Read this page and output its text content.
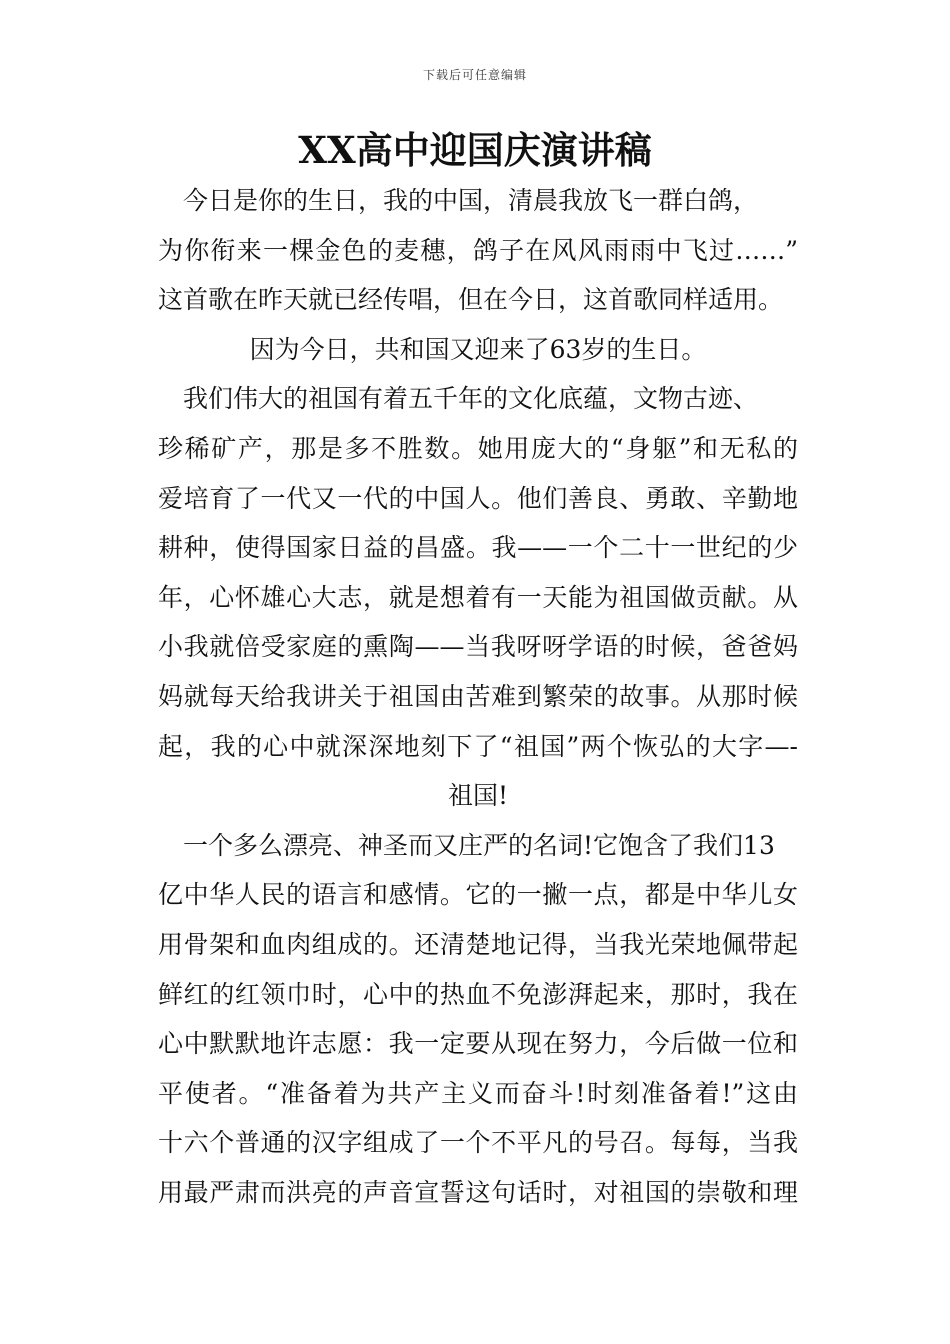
下载后可任意编辑
XX高中迎国庆演讲稿
　今日是你的生日，我的中国，清晨我放飞一群白鸽，
为你衔来一棵金色的麦穗，鸽子在风风雨雨中飞过……”
这首歌在昨天就已经传唱，但在今日，这首歌同样适用。
因为今日，共和国又迎来了63岁的生日。
　我们伟大的祖国有着五千年的文化底蕴，文物古迹、
珍稀矿产，那是多不胜数。她用庞大的“身躯”和无私的
爱培育了一代又一代的中国人。他们善良、勇敢、辛勤地
耕种，使得国家日益的昌盛。我——一个二十一世纪的少
年，心怀雄心大志，就是想着有一天能为祖国做贡献。从
小我就倍受家庭的熏陶——当我呀呀学语的时候，爸爸妈
妈就每天给我讲关于祖国由苦难到繁荣的故事。从那时候
起，我的心中就深深地刻下了“祖国”两个恢弘的大字—-
祖国!
　一个多么漂亮、神圣而又庄严的名词!它饱含了我们13
亿中华人民的语言和感情。它的一撇一点，都是中华儿女
用骨架和血肉组成的。还清楚地记得，当我光荣地佩带起
鲜红的红领巾时，心中的热血不免澎湃起来，那时，我在
心中默默地许志愿：我一定要从现在努力，今后做一位和
平使者。“准备着为共产主义而奋斗!时刻准备着!”这由
十六个普通的汉字组成了一个不平凡的号召。每每，当我
用最严肃而洪亮的声音宣誓这句话时，对祖国的崇敬和理
